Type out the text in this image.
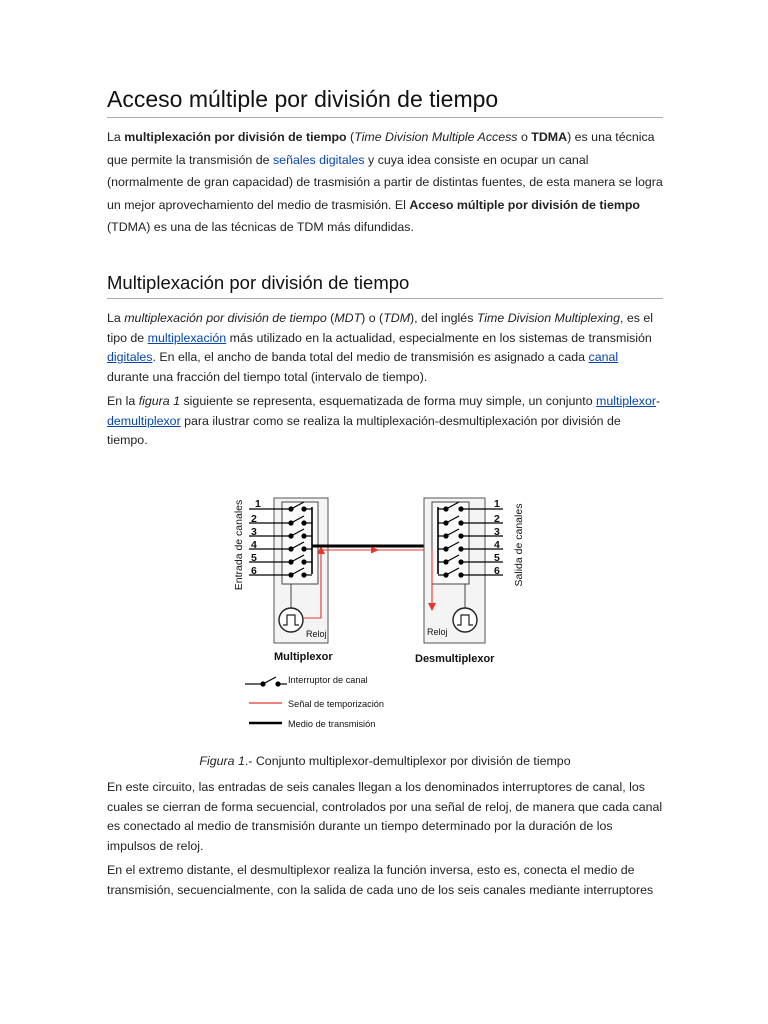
Acceso múltiple por división de tiempo

La multiplexación por división de tiempo (Time Division Multiple Access o TDMA) es una técnica que permite la transmisión de señales digitales y cuya idea consiste en ocupar un canal (normalmente de gran capacidad) de trasmisión a partir de distintas fuentes, de esta manera se logra un mejor aprovechamiento del medio de trasmisión. El Acceso múltiple por división de tiempo (TDMA) es una de las técnicas de TDM más difundidas.

Multiplexación por división de tiempo

La multiplexación por división de tiempo (MDT) o (TDM), del inglés Time Division Multiplexing, es el tipo de multiplexación más utilizado en la actualidad, especialmente en los sistemas de transmisión digitales. En ella, el ancho de banda total del medio de transmisión es asignado a cada canal durante una fracción del tiempo total (intervalo de tiempo).

En la figura 1 siguiente se representa, esquematizada de forma muy simple, un conjunto multiplexor-demultiplexor para ilustrar como se realiza la multiplexación-desmultiplexación por división de tiempo.

Entrada de canales	Salida de canales
1
2
3
4
5
6
Reloj
1
2
3
4
5
6
Reloj
Multiplexor	Desmultiplexor
Interruptor de canal
Señal de temporización
Medio de transmisión
Figura 1.- Conjunto multiplexor-demultiplexor por división de tiempo

En este circuito, las entradas de seis canales llegan a los denominados interruptores de canal, los cuales se cierran de forma secuencial, controlados por una señal de reloj, de manera que cada canal es conectado al medio de transmisión durante un tiempo determinado por la duración de los impulsos de reloj.

En el extremo distante, el desmultiplexor realiza la función inversa, esto es, conecta el medio de transmisión, secuencialmente, con la salida de cada uno de los seis canales mediante interruptores
